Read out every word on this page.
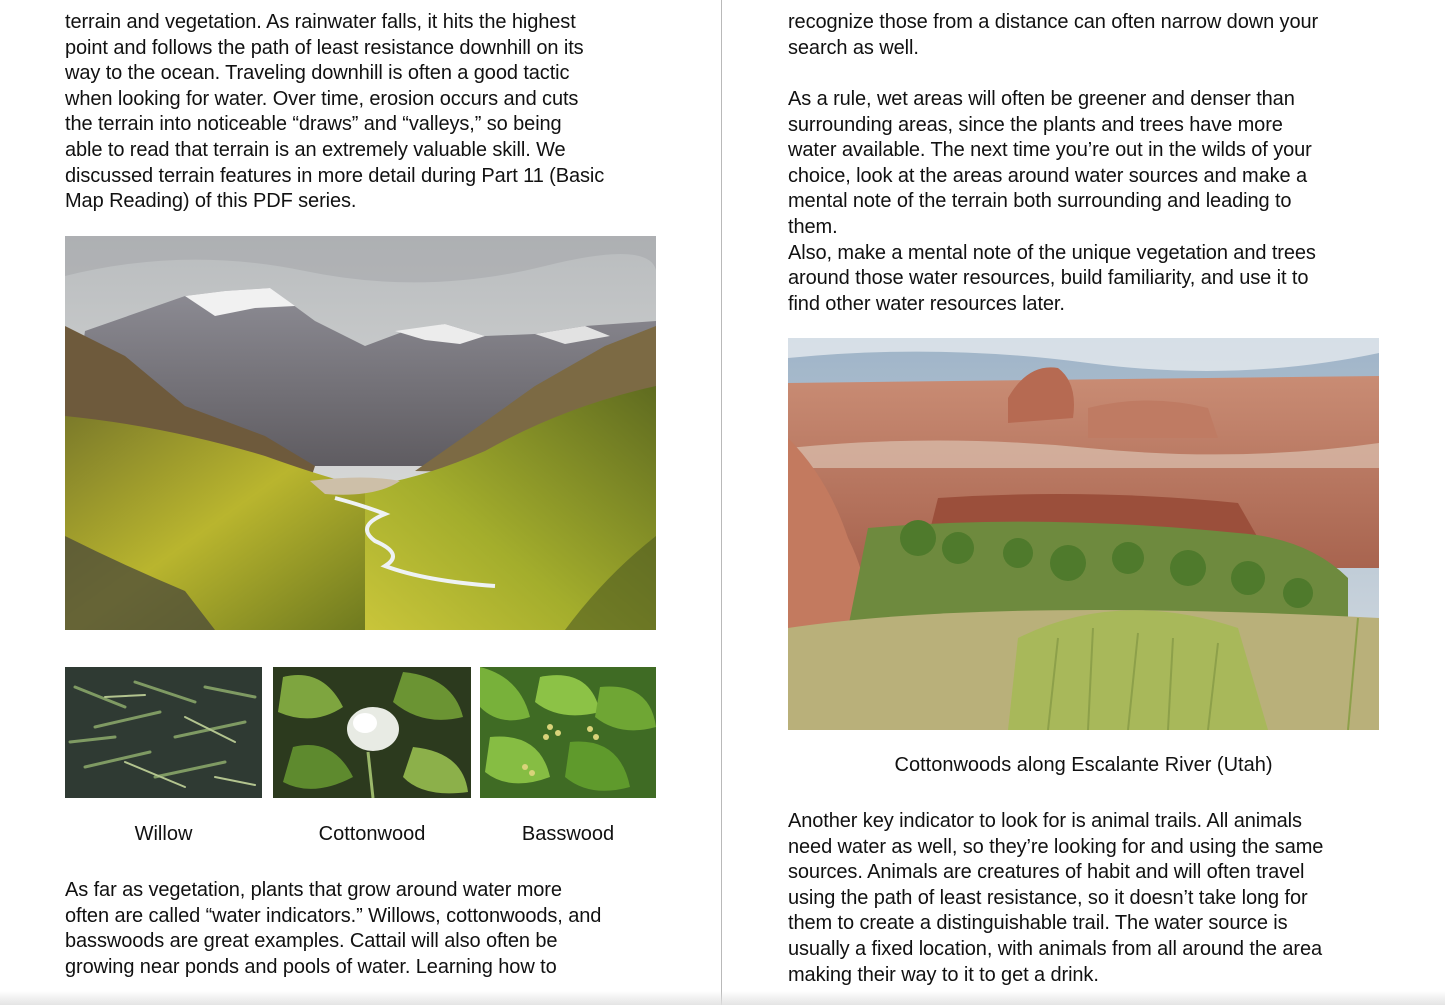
terrain and vegetation. As rainwater falls, it hits the highest
point and follows the path of least resistance downhill on its
way to the ocean. Traveling downhill is often a good tactic
when looking for water. Over time, erosion occurs and cuts
the terrain into noticeable “draws” and “valleys,” so being
able to read that terrain is an extremely valuable skill. We
discussed terrain features in more detail during Part 11 (Basic
Map Reading) of this PDF series.

Willow	Cottonwood	Basswood

As far as vegetation, plants that grow around water more
often are called “water indicators.” Willows, cottonwoods, and
basswoods are great examples. Cattail will also often be
growing near ponds and pools of water. Learning how to

recognize those from a distance can often narrow down your
search as well.

As a rule, wet areas will often be greener and denser than
surrounding areas, since the plants and trees have more
water available. The next time you’re out in the wilds of your
choice, look at the areas around water sources and make a
mental note of the terrain both surrounding and leading to
them.
Also, make a mental note of the unique vegetation and trees
around those water resources, build familiarity, and use it to
find other water resources later.

Cottonwoods along Escalante River (Utah)

Another key indicator to look for is animal trails. All animals
need water as well, so they’re looking for and using the same
sources. Animals are creatures of habit and will often travel
using the path of least resistance, so it doesn’t take long for
them to create a distinguishable trail. The water source is
usually a fixed location, with animals from all around the area
making their way to it to get a drink.
